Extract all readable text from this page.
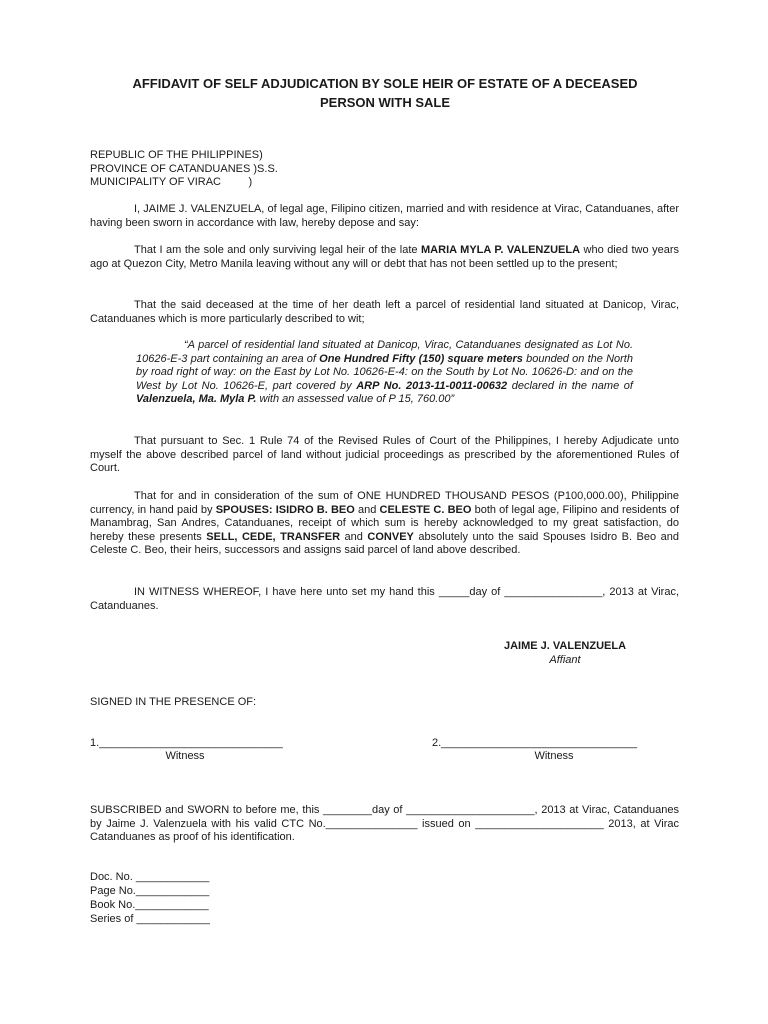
AFFIDAVIT OF SELF ADJUDICATION BY SOLE HEIR OF ESTATE OF A DECEASED
PERSON WITH SALE
REPUBLIC OF THE PHILIPPINES)
PROVINCE OF CATANDUANES )S.S.
MUNICIPALITY OF VIRAC         )

I, JAIME J. VALENZUELA, of legal age, Filipino citizen, married and with residence at Virac, Catanduanes, after having been sworn in accordance with law, hereby depose and say:

That I am the sole and only surviving legal heir of the late MARIA MYLA P. VALENZUELA who died two years ago at Quezon City, Metro Manila leaving without any will or debt that has not been settled up to the present;

That the said deceased at the time of her death left a parcel of residential land situated at Danicop, Virac, Catanduanes which is more particularly described to wit;

“A parcel of residential land situated at Danicop, Virac, Catanduanes designated as Lot No. 10626-E-3 part containing an area of One Hundred Fifty (150) square meters bounded on the North by road right of way: on the East by Lot No. 10626-E-4: on the South by Lot No. 10626-D: and on the West by Lot No. 10626-E, part covered by ARP No. 2013-11-0011-00632 declared in the name of Valenzuela, Ma. Myla P. with an assessed value of P 15, 760.00”

That pursuant to Sec. 1 Rule 74 of the Revised Rules of Court of the Philippines, I hereby Adjudicate unto myself the above described parcel of land without judicial proceedings as prescribed by the aforementioned Rules of Court.

That for and in consideration of the sum of ONE HUNDRED THOUSAND PESOS (P100,000.00), Philippine currency, in hand paid by SPOUSES: ISIDRO B. BEO and CELESTE C. BEO both of legal age, Filipino and residents of Manambrag, San Andres, Catanduanes, receipt of which sum is hereby acknowledged to my great satisfaction, do hereby these presents SELL, CEDE, TRANSFER and CONVEY absolutely unto the said Spouses Isidro B. Beo and Celeste C. Beo, their heirs, successors and assigns said parcel of land above described.

IN WITNESS WHEREOF, I have here unto set my hand this _____day of ________________, 2013 at Virac, Catanduanes.

JAIME J. VALENZUELA
Affiant
SIGNED IN THE PRESENCE OF:
1.______________________________
Witness
2.________________________________
Witness

SUBSCRIBED and SWORN to before me, this ________day of _____________________, 2013 at Virac, Catanduanes by Jaime J. Valenzuela with his valid CTC No._______________ issued on _____________________ 2013, at Virac Catanduanes as proof of his identification.

Doc. No. ____________
Page No.____________
Book No.____________
Series of ____________
